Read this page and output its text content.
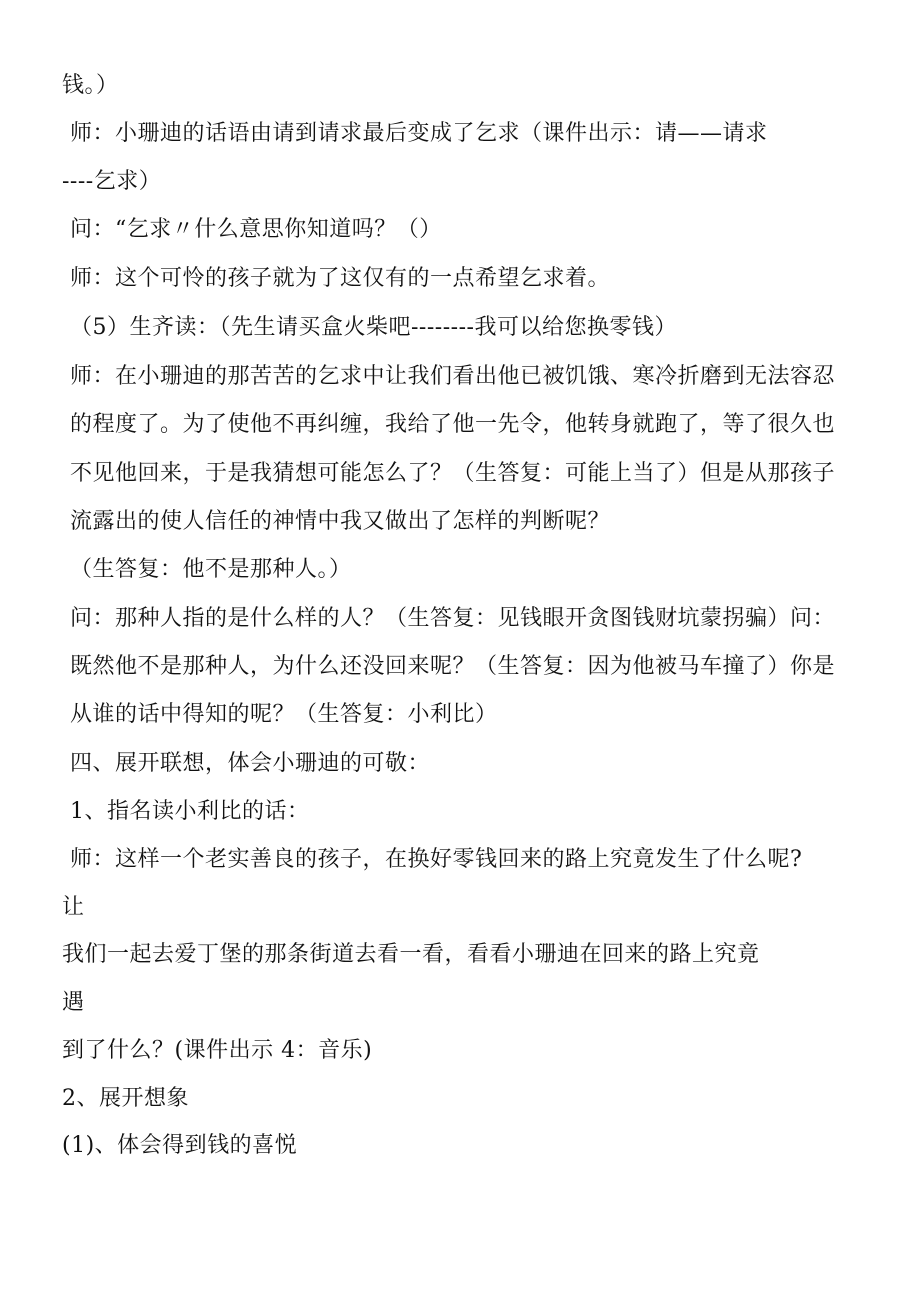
钱。）
师：小珊迪的话语由请到请求最后变成了乞求（课件出示：请——请求
----乞求）
问：“乞求〃什么意思你知道吗？（）
师：这个可怜的孩子就为了这仅有的一点希望乞求着。
（5）生齐读：（先生请买盒火柴吧--------我可以给您换零钱）
师：在小珊迪的那苦苦的乞求中让我们看出他已被饥饿、寒冷折磨到无法容忍
的程度了。为了使他不再纠缠，我给了他一先令，他转身就跑了，等了很久也
不见他回来，于是我猜想可能怎么了？（生答复：可能上当了）但是从那孩子
流露出的使人信任的神情中我又做出了怎样的判断呢？
（生答复：他不是那种人。）
问：那种人指的是什么样的人？（生答复：见钱眼开贪图钱财坑蒙拐骗）问：
既然他不是那种人，为什么还没回来呢？（生答复：因为他被马车撞了）你是
从谁的话中得知的呢？（生答复：小利比）
四、展开联想，体会小珊迪的可敬：
1、指名读小利比的话：
师：这样一个老实善良的孩子，在换好零钱回来的路上究竟发生了什么呢?
让
我们一起去爱丁堡的那条街道去看一看，看看小珊迪在回来的路上究竟
遇
到了什么？(课件出示 4：音乐)
2、展开想象
(1)、体会得到钱的喜悦
